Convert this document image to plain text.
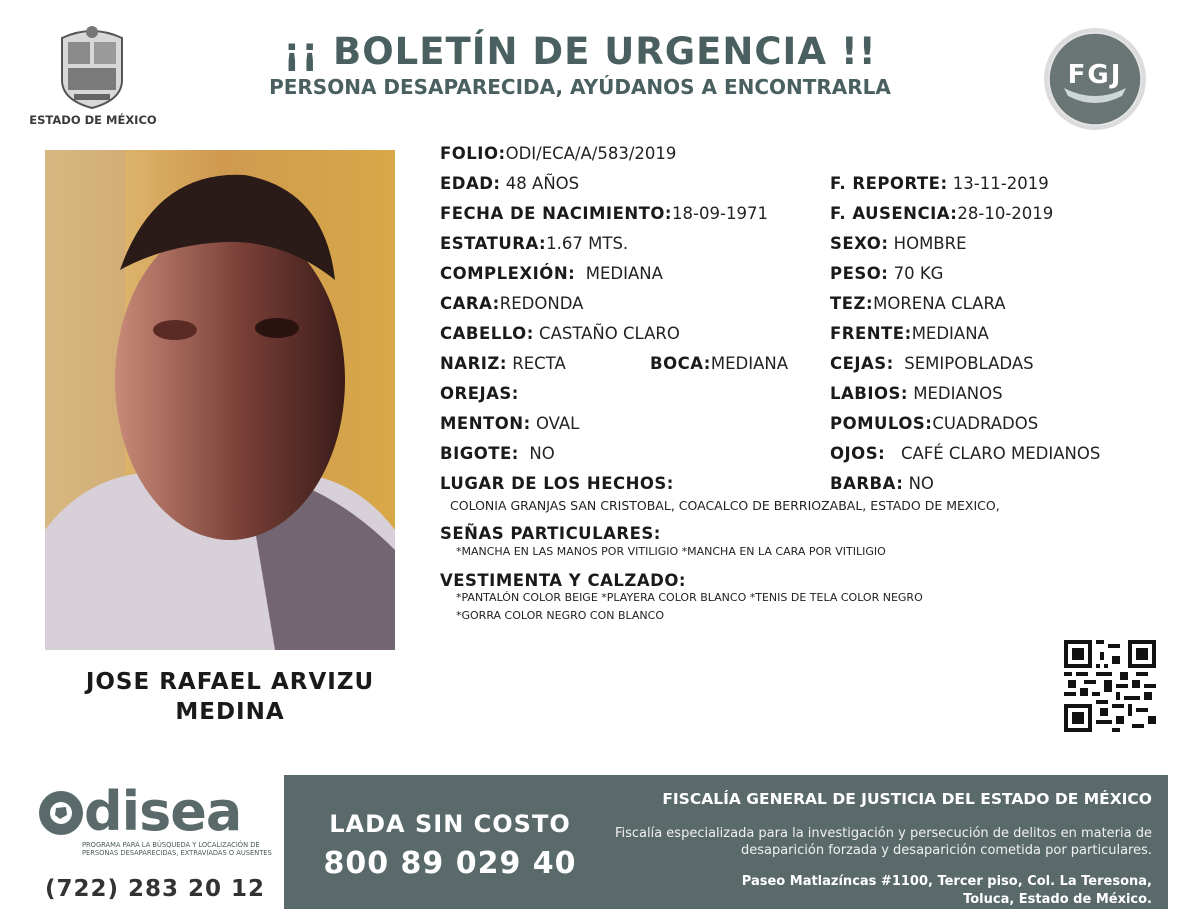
ESTADO DE MÉXICO
¡¡ BOLETÍN DE URGENCIA !!
PERSONA DESAPARECIDA, AYÚDANOS A ENCONTRARLA	FGJ
JOSE RAFAEL ARVIZU
MEDINA
FOLIO:ODI/ECA/A/583/2019
EDAD: 48 AÑOS	F. REPORTE: 13-11-2019
FECHA DE NACIMIENTO:18-09-1971	F. AUSENCIA:28-10-2019
ESTATURA:1.67 MTS.	SEXO: HOMBRE
COMPLEXIÓN: MEDIANA	PESO: 70 KG
CARA:REDONDA	TEZ:MORENA CLARA
CABELLO: CASTAÑO CLARO	FRENTE:MEDIANA
NARIZ: RECTA	BOCA:MEDIANA	CEJAS: SEMIPOBLADAS
OREJAS:	LABIOS: MEDIANOS
MENTON: OVAL	POMULOS:CUADRADOS
BIGOTE: NO	OJOS: CAFÉ CLARO MEDIANOS
LUGAR DE LOS HECHOS:	BARBA: NO
COLONIA GRANJAS SAN CRISTOBAL, COACALCO DE BERRIOZABAL, ESTADO DE MEXICO,
SEÑAS PARTICULARES:
*MANCHA EN LAS MANOS POR VITILIGIO *MANCHA EN LA CARA POR VITILIGIO
VESTIMENTA Y CALZADO:
*PANTALÓN COLOR BEIGE *PLAYERA COLOR BLANCO *TENIS DE TELA COLOR NEGRO
*GORRA COLOR NEGRO CON BLANCO
disea
PROGRAMA PARA LA BÚSQUEDA Y LOCALIZACIÓN DE PERSONAS DESAPARECIDAS, EXTRAVIADAS O AUSENTES
(722) 283 20 12
LADA SIN COSTO
800 89 029 40
FISCALÍA GENERAL DE JUSTICIA DEL ESTADO DE MÉXICO
Fiscalía especializada para la investigación y persecución de delitos en materia de desaparición forzada y desaparición cometida por particulares.
Paseo Matlazíncas #1100, Tercer piso, Col. La Teresona,
Toluca, Estado de México.
